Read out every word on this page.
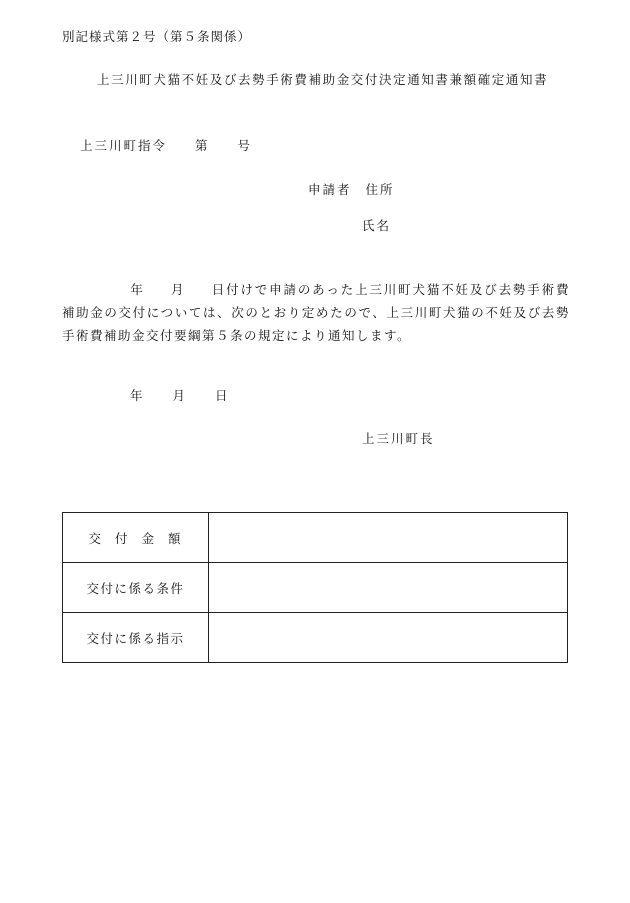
別記様式第２号（第５条関係）
上三川町犬猫不妊及び去勢手術費補助金交付決定通知書兼額確定通知書
上三川町指令 第 号
申請者 住所
氏名
年 月 日付けで申請のあった上三川町犬猫不妊及び去勢手術費補助金の交付については、次のとおり定めたので、上三川町犬猫の不妊及び去勢手術費補助金交付要綱第５条の規定により通知します。
年 月 日
上三川町長
交付金額	
交付に係る条件	
交付に係る指示	
